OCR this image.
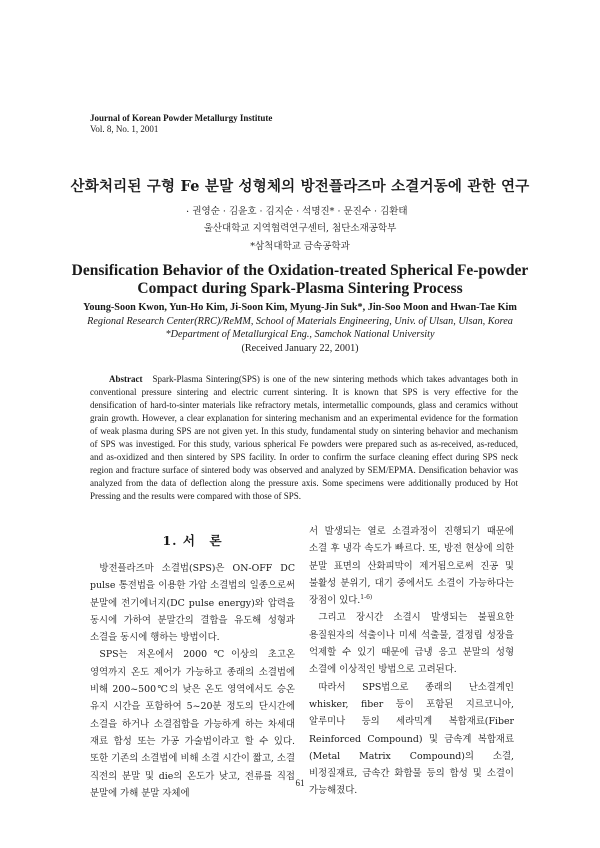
Journal of Korean Powder Metallurgy Institute
Vol. 8, No. 1, 2001
산화처리된 구형 Fe 분말 성형체의 방전플라즈마 소결거동에 관한 연구
· 권영순 · 김윤호 · 김지순 · 석명진* · 문진수 · 김환태
울산대학교 지역협력연구센터, 첨단소재공학부
*삼척대학교 금속공학과
Densification Behavior of the Oxidation-treated Spherical Fe-powder
Compact during Spark-Plasma Sintering Process
Young-Soon Kwon, Yun-Ho Kim, Ji-Soon Kim, Myung-Jin Suk*, Jin-Soo Moon and Hwan-Tae Kim
Regional Research Center(RRC)/ReMM, School of Materials Engineering, Univ. of Ulsan, Ulsan, Korea
*Department of Metallurgical Eng., Samchok National University
(Received January 22, 2001)
Abstract Spark-Plasma Sintering(SPS) is one of the new sintering methods which takes advantages both in conventional pressure sintering and electric current sintering. It is known that SPS is very effective for the densification of hard-to-sinter materials like refractory metals, intermetallic compounds, glass and ceramics without grain growth. However, a clear explanation for sintering mechanism and an experimental evidence for the formation of weak plasma during SPS are not given yet. In this study, fundamental study on sintering behavior and mechanism of SPS was investiged. For this study, various spherical Fe powders were prepared such as as-received, as-reduced, and as-oxidized and then sintered by SPS facility. In order to confirm the surface cleaning effect during SPS neck region and fracture surface of sintered body was observed and analyzed by SEM/EPMA. Densification behavior was analyzed from the data of deflection along the pressure axis. Some specimens were additionally produced by Hot Pressing and the results were compared with those of SPS.
1. 서　론

방전플라즈마 소결법(SPS)은 ON-OFF DC pulse 통전법을 이용한 가압 소결법의 일종으로써 분말에 전기에너지(DC pulse energy)와 압력을 동시에 가하여 분말간의 결합을 유도해 성형과 소결을 동시에 행하는 방법이다.

SPS는 저온에서 2000℃이상의 초고온 영역까지 온도 제어가 가능하고 종래의 소결법에 비해 200~500℃의 낮은 온도 영역에서도 승온 유지 시간을 포함하여 5~20분 정도의 단시간에 소결을 하거나 소결접합을 가능하게 하는 차세대 재료 합성 또는 가공 가술법이라고 할 수 있다. 또한 기존의 소결법에 비해 소결 시간이 짧고, 소결 직전의 분말 및 die의 온도가 낮고, 전류를 직접 분말에 가해 분말 자체에

서 발생되는 열로 소결과정이 진행되기 때문에 소결 후 냉각 속도가 빠르다. 또, 방전 현상에 의한 분말 표면의 산화피막이 제거됨으로써 진공 및 불활성 분위기, 대기 중에서도 소결이 가능하다는 장점이 있다.$^{1-6)}$

그리고 장시간 소결시 발생되는 불필요한 용질원자의 석출이나 미세 석출물, 결정립 성장을 억제할 수 있기 때문에 급냉 응고 분말의 성형 소결에 이상적인 방법으로 고려된다.

따라서 SPS법으로 종래의 난소결계인 whisker, fiber 등이 포함된 지르코니아, 알루미나 등의 세라믹계 복합재료(Fiber Reinforced Compound) 및 금속계 복합재료(Metal Matrix Compound)의 소결, 비정질재료, 금속간 화합물 등의 합성 및 소결이 가능해졌다.

61
